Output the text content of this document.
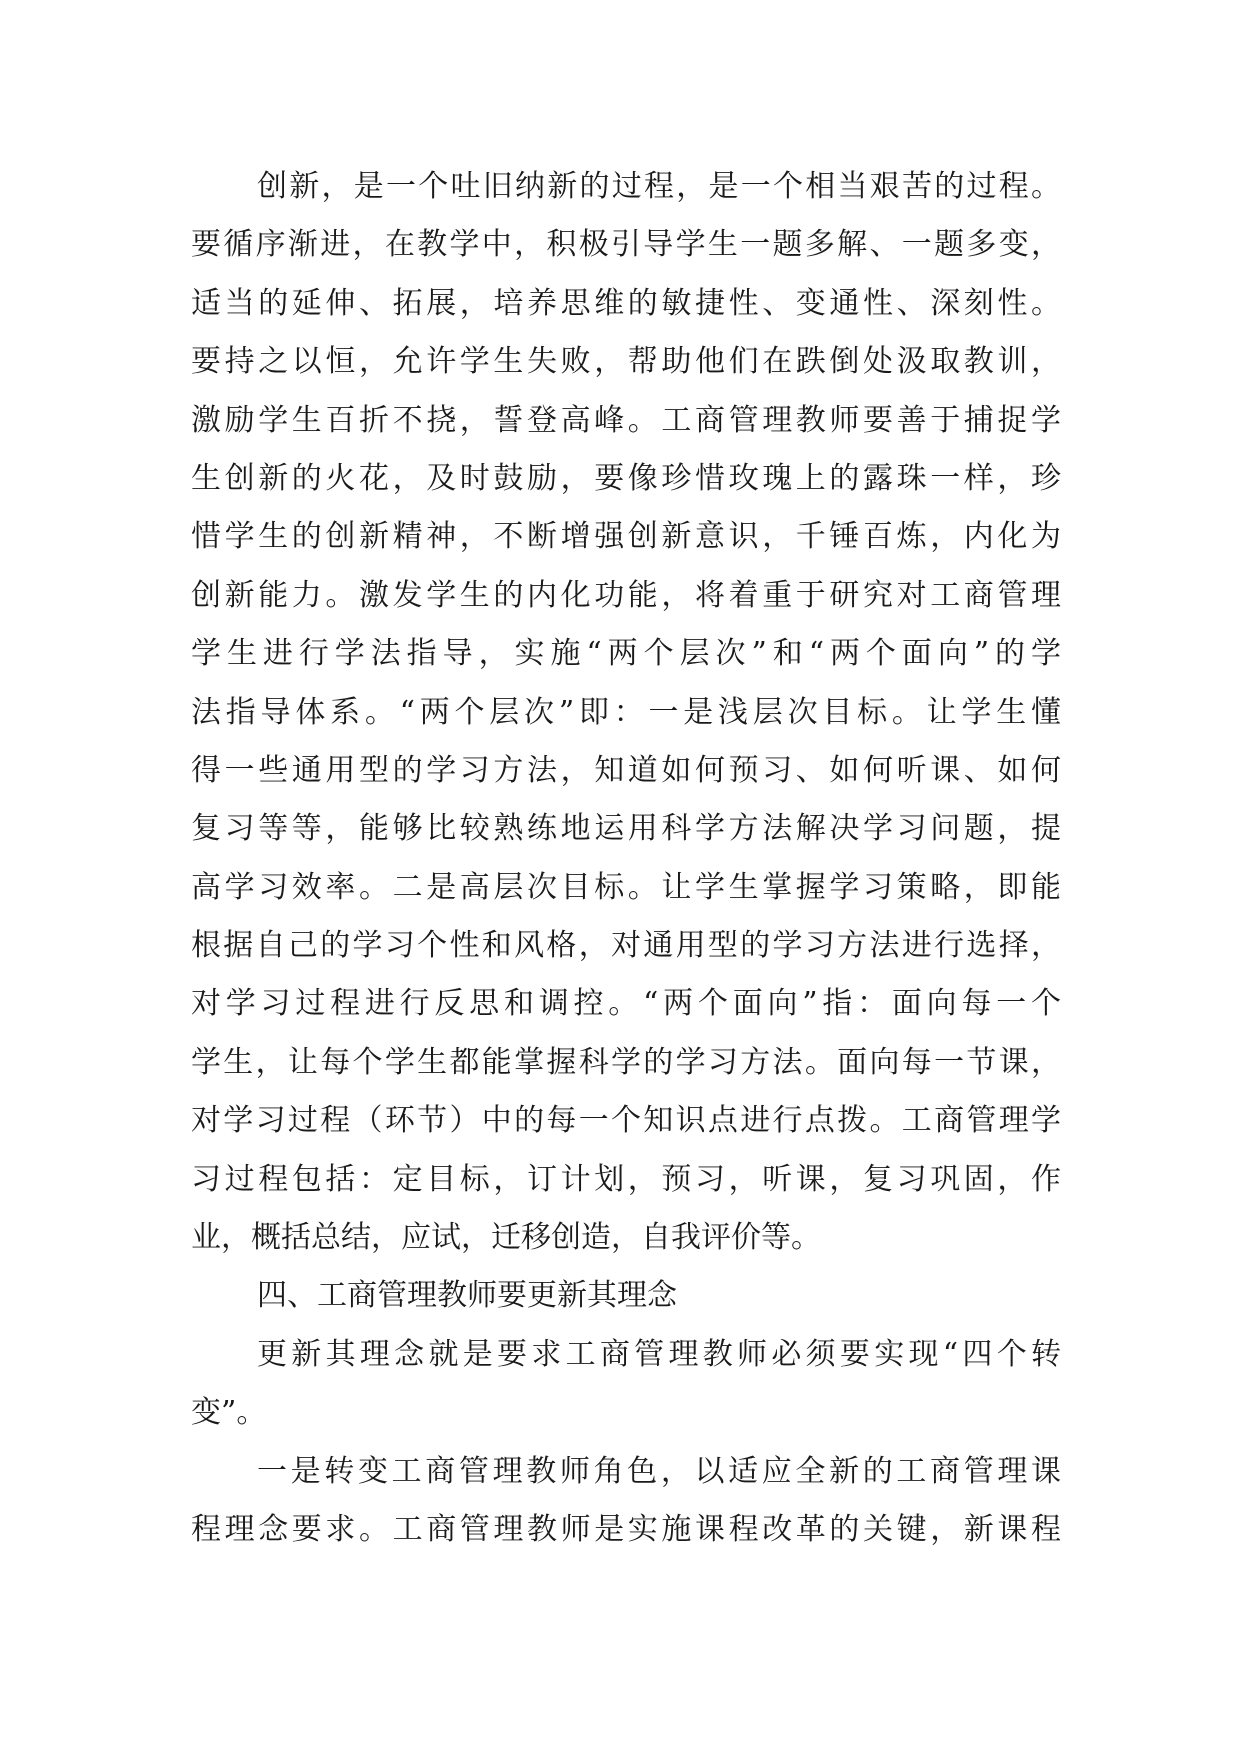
创新，是一个吐旧纳新的过程，是一个相当艰苦的过程。
要循序渐进，在教学中，积极引导学生一题多解、一题多变，
适当的延伸、拓展，培养思维的敏捷性、变通性、深刻性。
要持之以恒，允许学生失败，帮助他们在跌倒处汲取教训，
激励学生百折不挠，誓登高峰。工商管理教师要善于捕捉学
生创新的火花，及时鼓励，要像珍惜玫瑰上的露珠一样，珍
惜学生的创新精神，不断增强创新意识，千锤百炼，内化为
创新能力。激发学生的内化功能，将着重于研究对工商管理
学生进行学法指导，实施“两个层次”和“两个面向”的学
法指导体系。“两个层次”即：一是浅层次目标。让学生懂
得一些通用型的学习方法，知道如何预习、如何听课、如何
复习等等，能够比较熟练地运用科学方法解决学习问题，提
高学习效率。二是高层次目标。让学生掌握学习策略，即能
根据自己的学习个性和风格，对通用型的学习方法进行选择，
对学习过程进行反思和调控。“两个面向”指：面向每一个
学生，让每个学生都能掌握科学的学习方法。面向每一节课，
对学习过程（环节）中的每一个知识点进行点拨。工商管理学
习过程包括：定目标，订计划，预习，听课，复习巩固，作
业，概括总结，应试，迁移创造，自我评价等。
四、工商管理教师要更新其理念
更新其理念就是要求工商管理教师必须要实现“四个转
变”。
一是转变工商管理教师角色，以适应全新的工商管理课
程理念要求。工商管理教师是实施课程改革的关键，新课程
